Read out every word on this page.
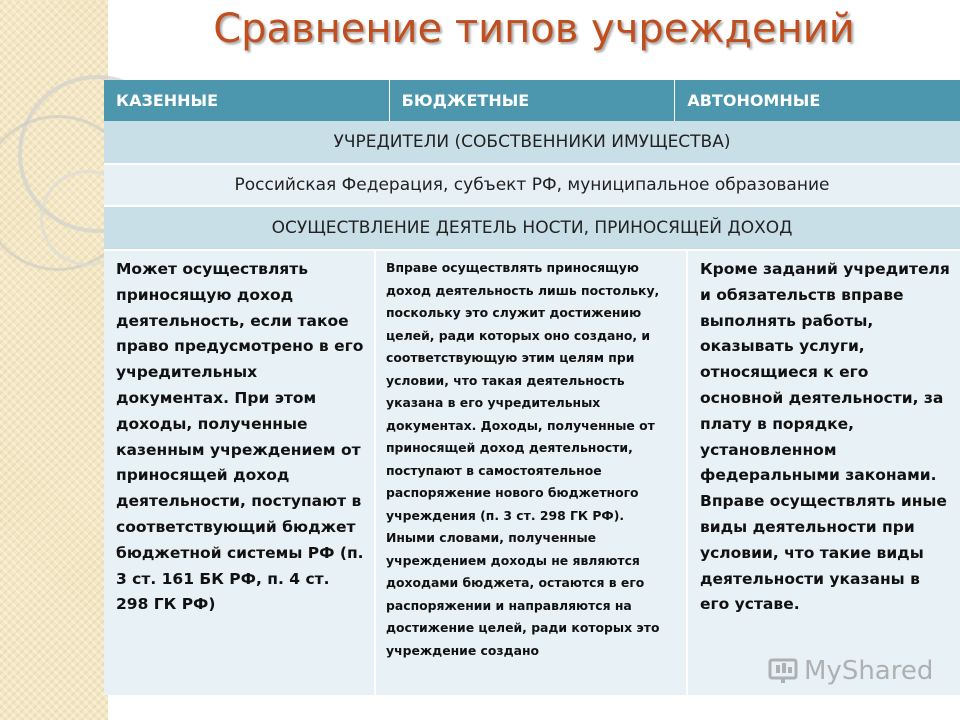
Сравнение типов учреждений
КАЗЕННЫЕ	БЮДЖЕТНЫЕ	АВТОНОМНЫЕ
УЧРЕДИТЕЛИ (СОБСТВЕННИКИ ИМУЩЕСТВА)
Российская Федерация, субъект РФ, муниципальное образование
ОСУЩЕСТВЛЕНИЕ ДЕЯТЕЛЬ НОСТИ, ПРИНОСЯЩЕЙ ДОХОД
Может осуществлять приносящую доход деятельность, если такое право предусмотрено в его учредительных документах. При этом доходы, полученные казенным учреждением от приносящей доход деятельности, поступают в соответствующий бюджет бюджетной системы РФ (п. 3 ст. 161 БК РФ, п. 4 ст. 298 ГК РФ)
Вправе осуществлять приносящую доход деятельность лишь постольку, поскольку это служит достижению целей, ради которых оно создано, и соответствующую этим целям при условии, что такая деятельность указана в его учредительных документах. Доходы, полученные от приносящей доход деятельности, поступают в самостоятельное распоряжение нового бюджетного учреждения (п. 3 ст. 298 ГК РФ). Иными словами, полученные учреждением доходы не являются доходами бюджета, остаются в его распоряжении и направляются на достижение целей, ради которых это учреждение создано
Кроме заданий учредителя и обязательств вправе выполнять работы, оказывать услуги, относящиеся к его основной деятельности, за плату в порядке, установленном федеральными законами. Вправе осуществлять иные виды деятельности при условии, что такие виды деятельности указаны в его уставе.
MyShared
